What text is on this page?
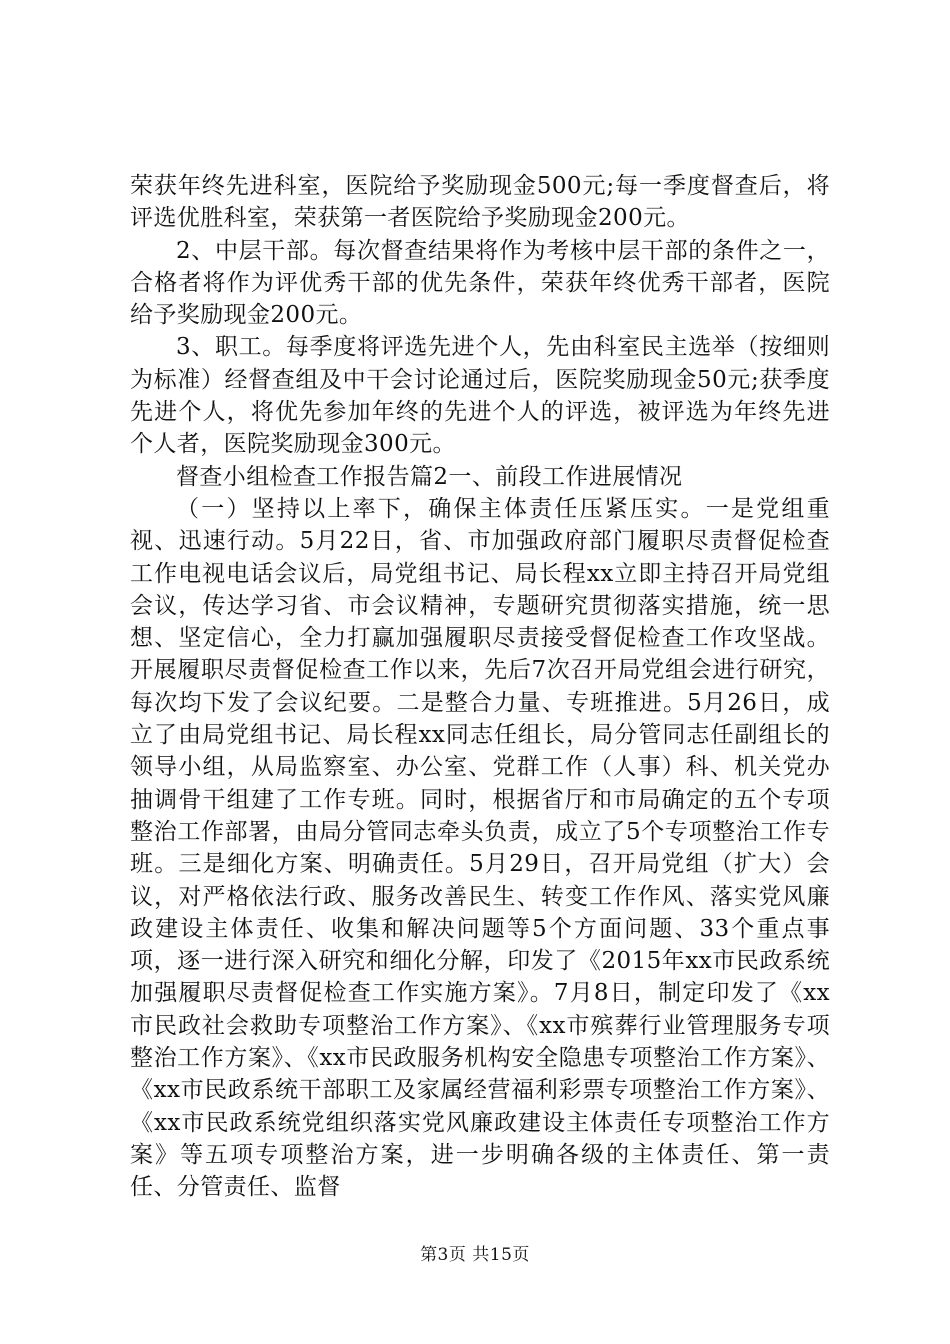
荣获年终先进科室，医院给予奖励现金500元;每一季度督查后，将评选优胜科室，荣获第一者医院给予奖励现金200元。

2、中层干部。每次督查结果将作为考核中层干部的条件之一，合格者将作为评优秀干部的优先条件，荣获年终优秀干部者，医院给予奖励现金200元。

3、职工。每季度将评选先进个人，先由科室民主选举（按细则为标准）经督查组及中干会讨论通过后，医院奖励现金50元;获季度先进个人，将优先参加年终的先进个人的评选，被评选为年终先进个人者，医院奖励现金300元。

督查小组检查工作报告篇2一、前段工作进展情况

（一）坚持以上率下，确保主体责任压紧压实。一是党组重视、迅速行动。5月22日，省、市加强政府部门履职尽责督促检查工作电视电话会议后，局党组书记、局长程xx立即主持召开局党组会议，传达学习省、市会议精神，专题研究贯彻落实措施，统一思想、坚定信心，全力打赢加强履职尽责接受督促检查工作攻坚战。开展履职尽责督促检查工作以来，先后7次召开局党组会进行研究，每次均下发了会议纪要。二是整合力量、专班推进。5月26日，成立了由局党组书记、局长程xx同志任组长，局分管同志任副组长的领导小组，从局监察室、办公室、党群工作（人事）科、机关党办抽调骨干组建了工作专班。同时，根据省厅和市局确定的五个专项整治工作部署，由局分管同志牵头负责，成立了5个专项整治工作专班。三是细化方案、明确责任。5月29日，召开局党组（扩大）会议，对严格依法行政、服务改善民生、转变工作作风、落实党风廉政建设主体责任、收集和解决问题等5个方面问题、33个重点事项，逐一进行深入研究和细化分解，印发了《2015年xx市民政系统加强履职尽责督促检查工作实施方案》。7月8日，制定印发了《xx市民政社会救助专项整治工作方案》、《xx市殡葬行业管理服务专项整治工作方案》、《xx市民政服务机构安全隐患专项整治工作方案》、《xx市民政系统干部职工及家属经营福利彩票专项整治工作方案》、《xx市民政系统党组织落实党风廉政建设主体责任专项整治工作方案》等五项专项整治方案，进一步明确各级的主体责任、第一责任、分管责任、监督

第3页 共15页
